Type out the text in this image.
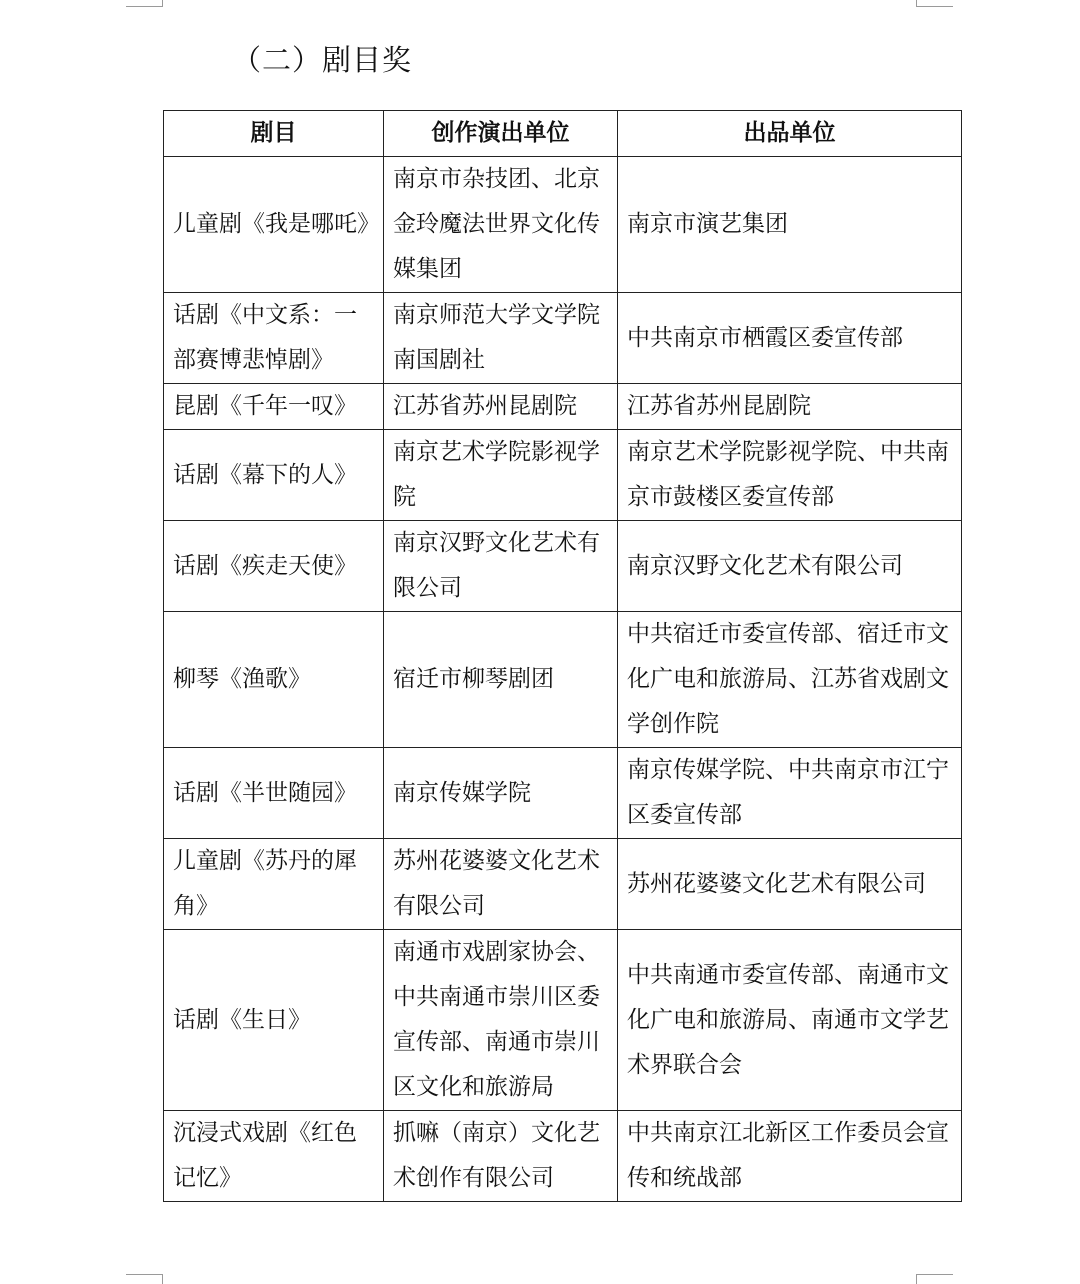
（二）剧目奖
剧目	创作演出单位	出品单位
儿童剧《我是哪吒》	南京市杂技团、北京金玲魔法世界文化传媒集团	南京市演艺集团
话剧《中文系：一部赛博悲悼剧》	南京师范大学文学院南国剧社	中共南京市栖霞区委宣传部
昆剧《千年一叹》	江苏省苏州昆剧院	江苏省苏州昆剧院
话剧《幕下的人》	南京艺术学院影视学院	南京艺术学院影视学院、中共南京市鼓楼区委宣传部
话剧《疾走天使》	南京汉野文化艺术有限公司	南京汉野文化艺术有限公司
柳琴《渔歌》	宿迁市柳琴剧团	中共宿迁市委宣传部、宿迁市文化广电和旅游局、江苏省戏剧文学创作院
话剧《半世随园》	南京传媒学院	南京传媒学院、中共南京市江宁区委宣传部
儿童剧《苏丹的犀角》	苏州花婆婆文化艺术有限公司	苏州花婆婆文化艺术有限公司
话剧《生日》	南通市戏剧家协会、中共南通市崇川区委宣传部、南通市崇川区文化和旅游局	中共南通市委宣传部、南通市文化广电和旅游局、南通市文学艺术界联合会
沉浸式戏剧《红色记忆》	抓嘛（南京）文化艺术创作有限公司	中共南京江北新区工作委员会宣传和统战部
